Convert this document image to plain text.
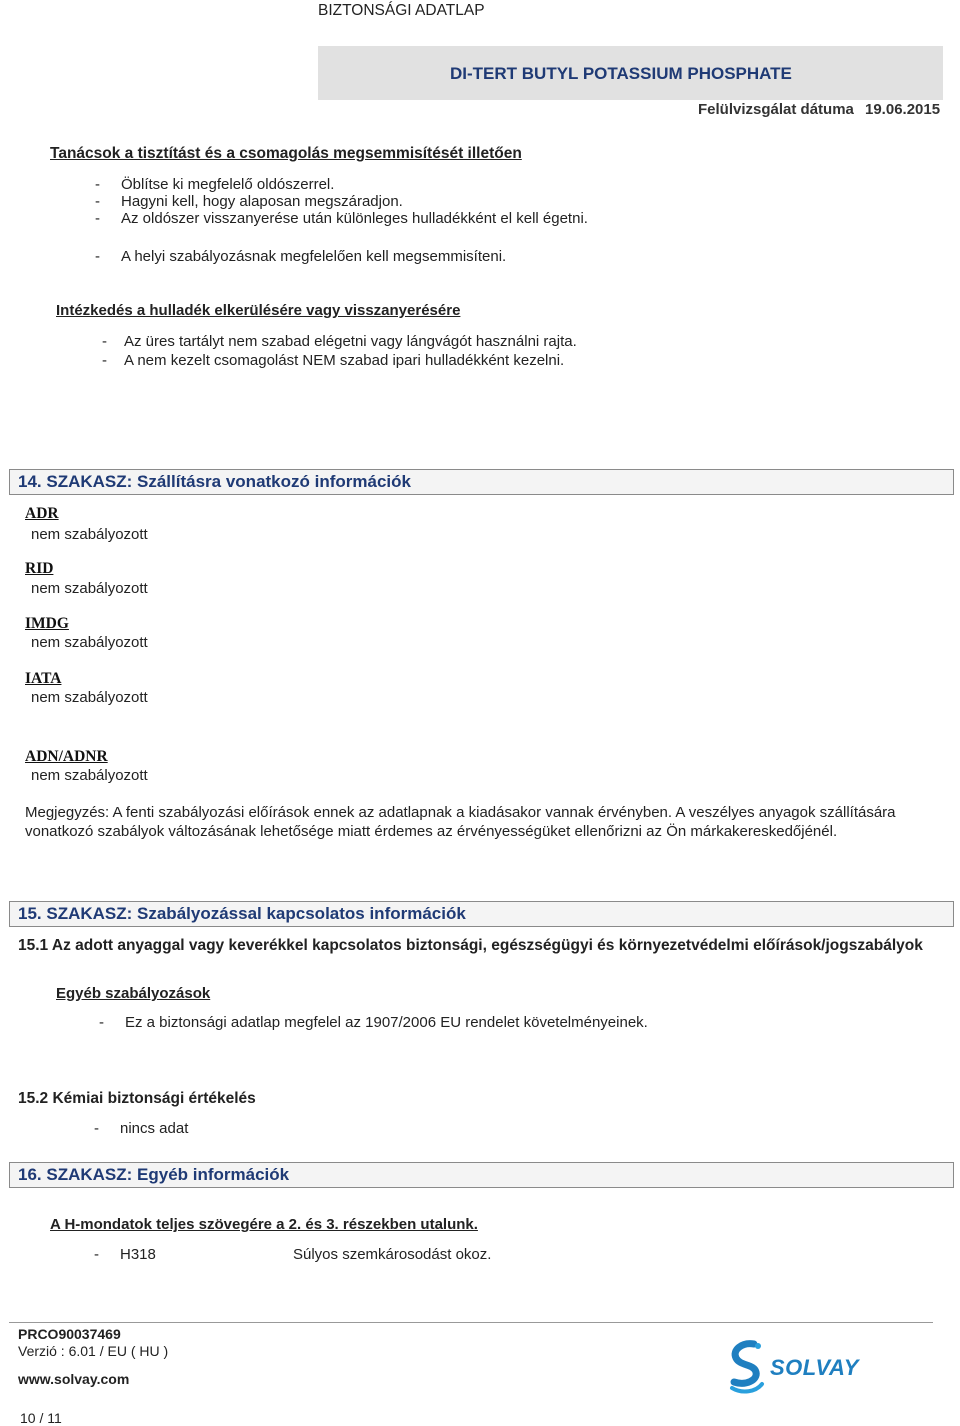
BIZTONSÁGI ADATLAP
DI-TERT BUTYL POTASSIUM PHOSPHATE
Felülvizsgálat dátuma 19.06.2015
Tanácsok a tisztítást és a csomagolás megsemmisítését illetően
- Öblítse ki megfelelő oldószerrel.
- Hagyni kell, hogy alaposan megszáradjon.
- Az oldószer visszanyerése után különleges hulladékként el kell égetni.
- A helyi szabályozásnak megfelelően kell megsemmisíteni.
Intézkedés a hulladék elkerülésére vagy visszanyerésére
- Az üres tartályt nem szabad elégetni vagy lángvágót használni rajta.
- A nem kezelt csomagolást NEM szabad ipari hulladékként kezelni.
14. SZAKASZ: Szállításra vonatkozó információk
ADR
nem szabályozott
RID
nem szabályozott
IMDG
nem szabályozott
IATA
nem szabályozott
ADN/ADNR
nem szabályozott
Megjegyzés: A fenti szabályozási előírások ennek az adatlapnak a kiadásakor vannak érvényben. A veszélyes anyagok szállítására vonatkozó szabályok változásának lehetősége miatt érdemes az érvényességüket ellenőrizni az Ön márkakereskedőjénél.
15. SZAKASZ: Szabályozással kapcsolatos információk
15.1 Az adott anyaggal vagy keverékkel kapcsolatos biztonsági, egészségügyi és környezetvédelmi előírások/jogszabályok
Egyéb szabályozások
- Ez a biztonsági adatlap megfelel az 1907/2006 EU rendelet követelményeinek.
15.2 Kémiai biztonsági értékelés
- nincs adat
16. SZAKASZ: Egyéb információk
A H-mondatok teljes szövegére a 2. és 3. részekben utalunk.
- H318	Súlyos szemkárosodást okoz.
PRCO90037469
Verzió : 6.01 / EU ( HU )
www.solvay.com
10 / 11
SOLVAY
